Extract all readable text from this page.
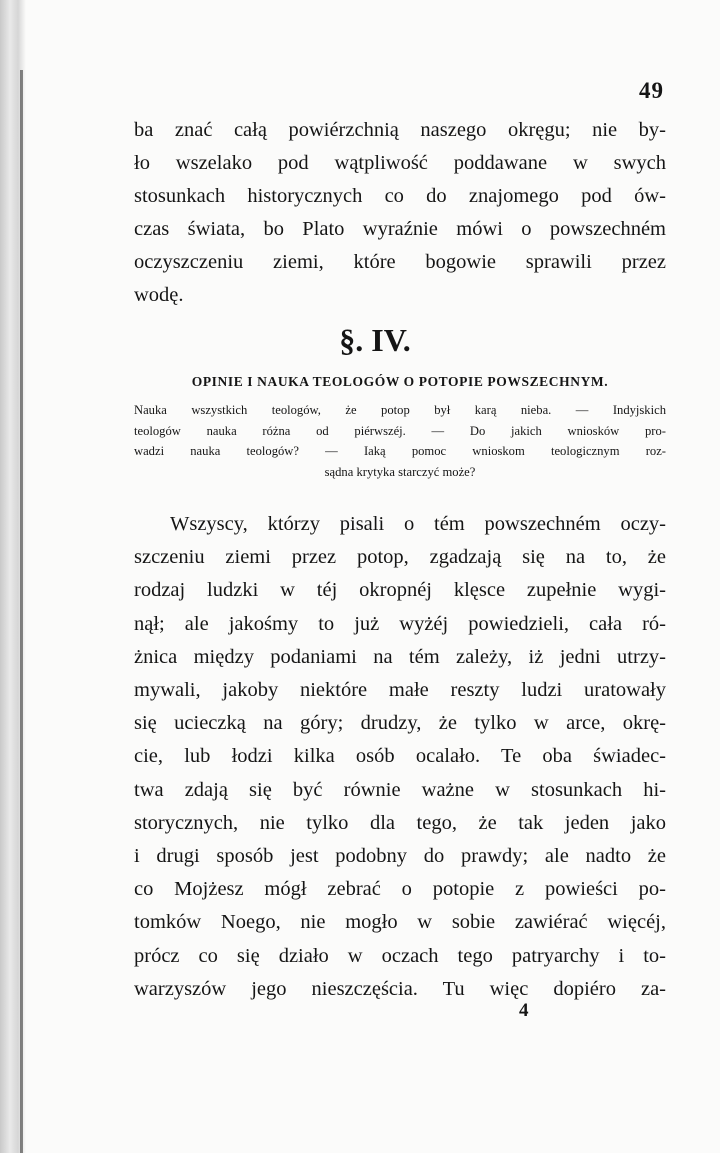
49
ba znać całą powiérzchnią naszego okręgu; nie by-
ło wszelako pod wątpliwość poddawane w swych
stosunkach historycznych co do znajomego pod ów-
czas świata, bo Plato wyraźnie mówi o powszechném
oczyszczeniu ziemi, które bogowie sprawili przez
wodę.
§. IV.
OPINIE I NAUKA TEOLOGÓW O POTOPIE POWSZECHNYM.
Nauka wszystkich teologów, że potop był karą nieba. — Indyjskich
teologów nauka różna od piérwszéj. — Do jakich wniosków pro-
wadzi nauka teologów? — Iaką pomoc wnioskom teologicznym roz-
sądna krytyka starczyć może?
Wszyscy, którzy pisali o tém powszechném oczy-
szczeniu ziemi przez potop, zgadzają się na to, że
rodzaj ludzki w téj okropnéj klęsce zupełnie wygi-
nął; ale jakośmy to już wyżéj powiedzieli, cała ró-
żnica między podaniami na tém zależy, iż jedni utrzy-
mywali, jakoby niektóre małe reszty ludzi uratowały
się ucieczką na góry; drudzy, że tylko w arce, okrę-
cie, lub łodzi kilka osób ocalało. Te oba świadec-
twa zdają się być równie ważne w stosunkach hi-
storycznych, nie tylko dla tego, że tak jeden jako
i drugi sposób jest podobny do prawdy; ale nadto że
co Mojżesz mógł zebrać o potopie z powieści po-
tomków Noego, nie mogło w sobie zawiérać więcéj,
prócz co się działo w oczach tego patryarchy i to-
warzyszów jego nieszczęścia. Tu więc dopiéro za-
4
